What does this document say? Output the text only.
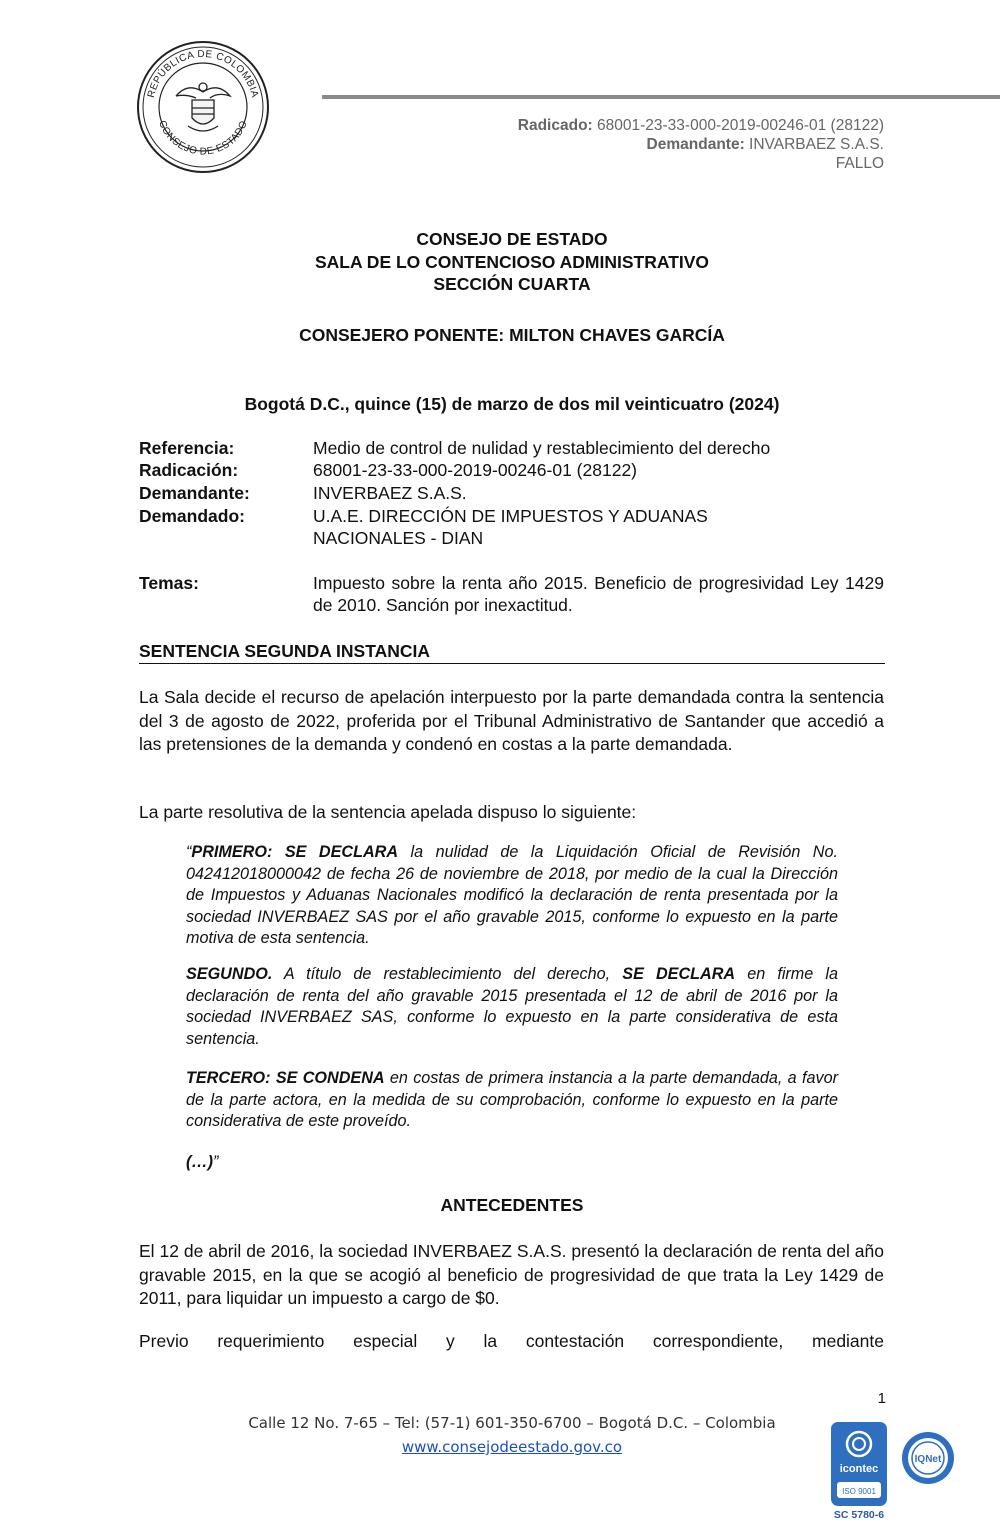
REPÚBLICA DE COLOMBIA
CONSEJO DE ESTADO	Radicado: 68001-23-33-000-2019-00246-01 (28122)
Demandante: INVARBAEZ S.A.S.
FALLO
CONSEJO DE ESTADO
SALA DE LO CONTENCIOSO ADMINISTRATIVO
SECCIÓN CUARTA
CONSEJERO PONENTE: MILTON CHAVES GARCÍA
Bogotá D.C., quince (15) de marzo de dos mil veinticuatro (2024)
Referencia:	Medio de control de nulidad y restablecimiento del derecho
Radicación:	68001-23-33-000-2019-00246-01 (28122)
Demandante:	INVERBAEZ S.A.S.
Demandado:	U.A.E. DIRECCIÓN DE IMPUESTOS Y ADUANAS
NACIONALES - DIAN
Temas:	Impuesto sobre la renta año 2015. Beneficio de progresividad Ley 1429 de 2010. Sanción por inexactitud.
SENTENCIA SEGUNDA INSTANCIA
La Sala decide el recurso de apelación interpuesto por la parte demandada contra la sentencia del 3 de agosto de 2022, proferida por el Tribunal Administrativo de Santander que accedió a las pretensiones de la demanda y condenó en costas a la parte demandada.
La parte resolutiva de la sentencia apelada dispuso lo siguiente:
“PRIMERO: SE DECLARA la nulidad de la Liquidación Oficial de Revisión No. 042412018000042 de fecha 26 de noviembre de 2018, por medio de la cual la Dirección de Impuestos y Aduanas Nacionales modificó la declaración de renta presentada por la sociedad INVERBAEZ SAS por el año gravable 2015, conforme lo expuesto en la parte motiva de esta sentencia.
SEGUNDO. A título de restablecimiento del derecho, SE DECLARA en firme la declaración de renta del año gravable 2015 presentada el 12 de abril de 2016 por la sociedad INVERBAEZ SAS, conforme lo expuesto en la parte considerativa de esta sentencia.
TERCERO: SE CONDENA en costas de primera instancia a la parte demandada, a favor de la parte actora, en la medida de su comprobación, conforme lo expuesto en la parte considerativa de este proveído.
(…)”
ANTECEDENTES
El 12 de abril de 2016, la sociedad INVERBAEZ S.A.S. presentó la declaración de renta del año gravable 2015, en la que se acogió al beneficio de progresividad de que trata la Ley 1429 de 2011, para liquidar un impuesto a cargo de $0.
Previo requerimiento especial y la contestación correspondiente, mediante
1
Calle 12 No. 7-65 – Tel: (57-1) 601-350-6700 – Bogotá D.C. – Colombia
www.consejodeestado.gov.co
icontec
ISO 9001
IQNet
SC 5780-6
